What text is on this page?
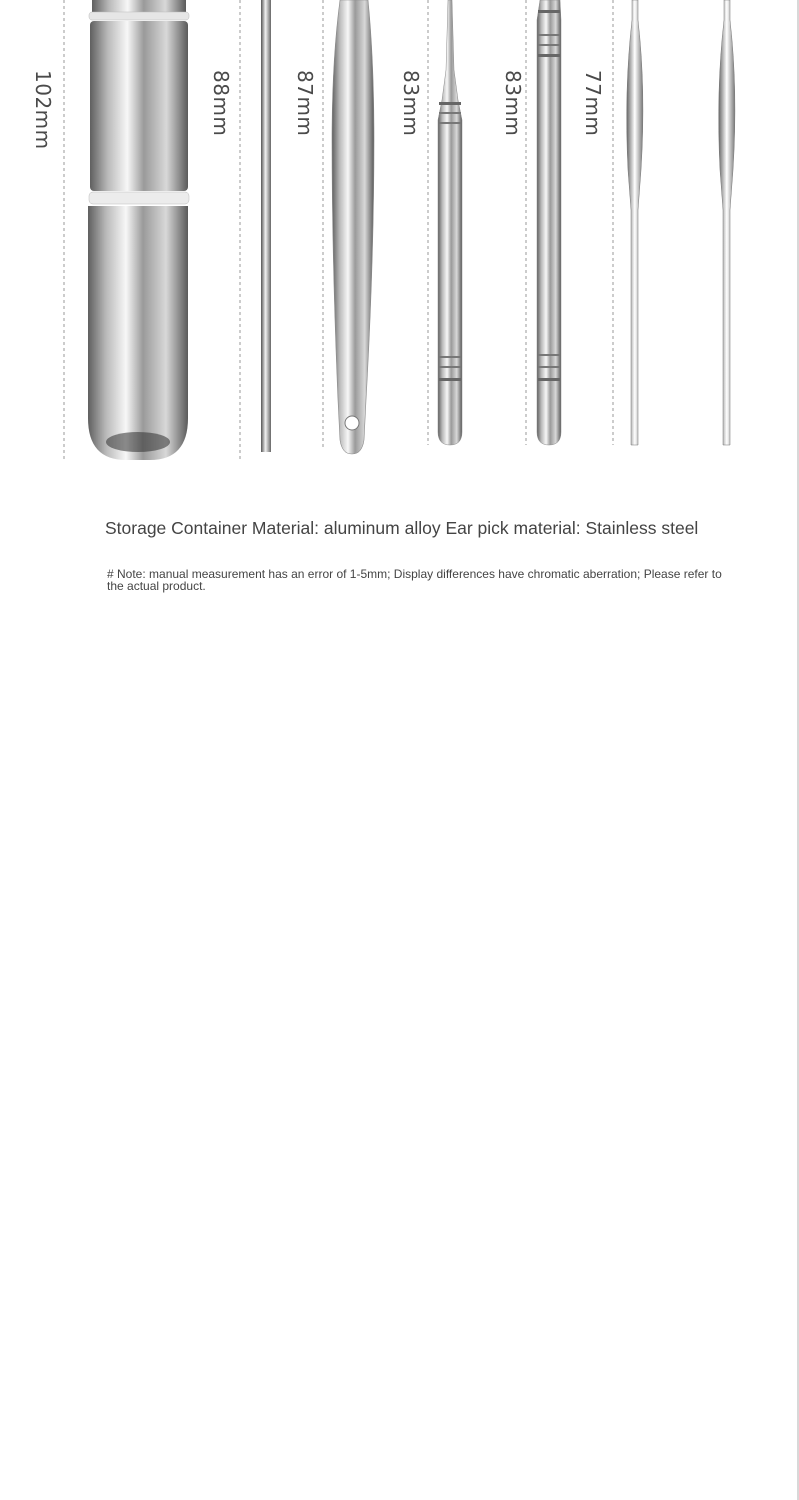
102mm	88mm	87mm	83mm	83mm	77mm
Storage Container Material: aluminum alloy Ear pick material: Stainless steel
# Note: manual measurement has an error of 1-5mm; Display differences have chromatic aberration; Please refer to the actual product.
